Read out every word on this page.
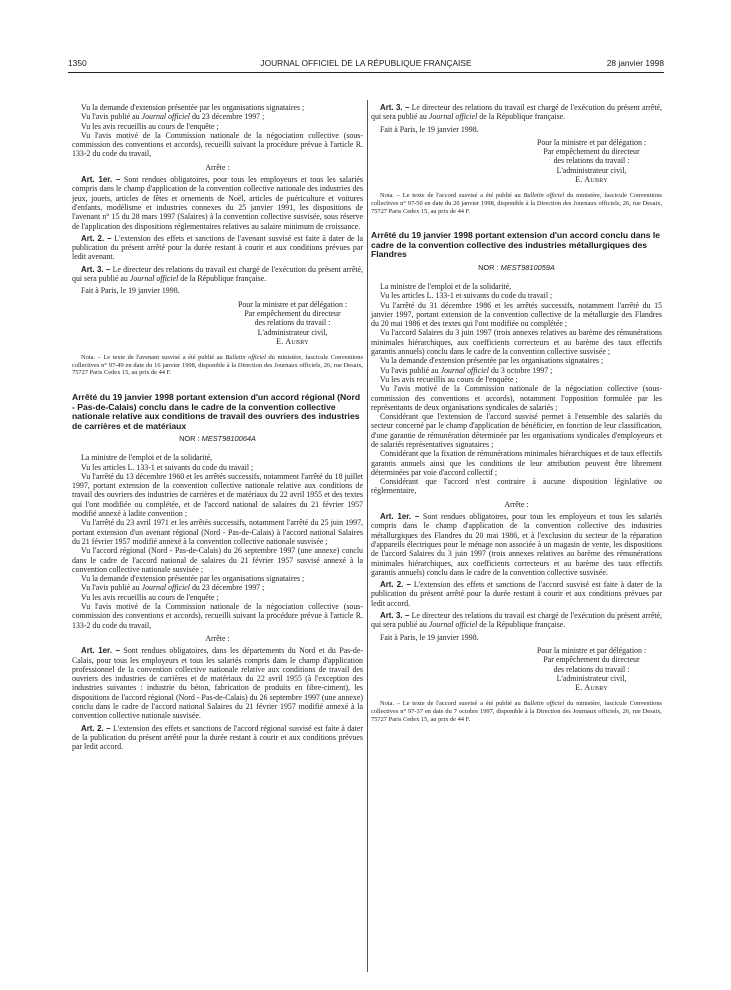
1350	JOURNAL OFFICIEL DE LA RÉPUBLIQUE FRANÇAISE	28 janvier 1998

Vu la demande d'extension présentée par les organisations signataires ;

Vu l'avis publié au Journal officiel du 23 décembre 1997 ;

Vu les avis recueillis au cours de l'enquête ;

Vu l'avis motivé de la Commission nationale de la négociation collective (sous-commission des conventions et accords), recueilli suivant la procédure prévue à l'article R. 133-2 du code du travail,

Arrête :

Art. 1er. – Sont rendues obligatoires, pour tous les employeurs et tous les salariés compris dans le champ d'application de la convention collective nationale des industries des jeux, jouets, articles de fêtes et ornements de Noël, articles de puériculture et voitures d'enfants, modélisme et industries connexes du 25 janvier 1991, les dispositions de l'avenant n° 15 du 28 mars 1997 (Salaires) à la convention collective susvisée, sous réserve de l'application des dispositions réglementaires relatives au salaire minimum de croissance.

Art. 2. – L'extension des effets et sanctions de l'avenant susvisé est faite à dater de la publication du présent arrêté pour la durée restant à courir et aux conditions prévues par ledit avenant.

Art. 3. – Le directeur des relations du travail est chargé de l'exécution du présent arrêté, qui sera publié au Journal officiel de la République française.

Fait à Paris, le 19 janvier 1998.

Pour la ministre et par délégation :

Par empêchement du directeur

des relations du travail :

L'administrateur civil,

E. Aubry

Nota. – Le texte de l'avenant susvisé a été publié au Bulletin officiel du ministère, fascicule Conventions collectives n° 97-49 en date du 16 janvier 1998, disponible à la Direction des Journaux officiels, 26, rue Desaix, 75727 Paris Cedex 15, au prix de 44 F.

Arrêté du 19 janvier 1998 portant extension d'un accord régional (Nord - Pas-de-Calais) conclu dans le cadre de la convention collective nationale relative aux conditions de travail des ouvriers des industries de carrières et de matériaux
NOR : MESТ9810064A

La ministre de l'emploi et de la solidarité,

Vu les articles L. 133-1 et suivants du code du travail ;

Vu l'arrêté du 13 décembre 1960 et les arrêtés successifs, notamment l'arrêté du 18 juillet 1997, portant extension de la convention collective nationale relative aux conditions de travail des ouvriers des industries de carrières et de matériaux du 22 avril 1955 et des textes qui l'ont modifiée ou complétée, et de l'accord national de salaires du 21 février 1957 modifié annexé à ladite convention ;

Vu l'arrêté du 23 avril 1971 et les arrêtés successifs, notamment l'arrêté du 25 juin 1997, portant extension d'un avenant régional (Nord - Pas-de-Calais) à l'accord national Salaires du 21 février 1957 modifié annexé à la convention collective nationale susvisée ;

Vu l'accord régional (Nord - Pas-de-Calais) du 26 septembre 1997 (une annexe) conclu dans le cadre de l'accord national de salaires du 21 février 1957 susvisé annexé à la convention collective nationale susvisée ;

Vu la demande d'extension présentée par les organisations signataires ;

Vu l'avis publié au Journal officiel du 23 décembre 1997 ;

Vu les avis recueillis au cours de l'enquête ;

Vu l'avis motivé de la Commission nationale de la négociation collective (sous-commission des conventions et accords), recueilli suivant la procédure prévue à l'article R. 133-2 du code du travail,

Arrête :

Art. 1er. – Sont rendues obligatoires, dans les départements du Nord et du Pas-de-Calais, pour tous les employeurs et tous les salariés compris dans le champ d'application professionnel de la convention collective nationale relative aux conditions de travail des ouvriers des industries de carrières et de matériaux du 22 avril 1955 (à l'exception des industries suivantes : industrie du béton, fabrication de produits en fibre-ciment), les dispositions de l'accord régional (Nord - Pas-de-Calais) du 26 septembre 1997 (une annexe) conclu dans le cadre de l'accord national Salaires du 21 février 1957 modifié annexé à la convention collective nationale susvisée.

Art. 2. – L'extension des effets et sanctions de l'accord régional susvisé est faite à dater de la publication du présent arrêté pour la durée restant à courir et aux conditions prévues par ledit accord.

Art. 3. – Le directeur des relations du travail est chargé de l'exécution du présent arrêté, qui sera publié au Journal officiel de la République française.

Fait à Paris, le 19 janvier 1998.

Pour la ministre et par délégation :

Par empêchement du directeur

des relations du travail :

L'administrateur civil,

E. Aubry

Nota. – Le texte de l'accord susvisé a été publié au Bulletin officiel du ministère, fascicule Conventions collectives n° 97-50 en date du 20 janvier 1998, disponible à la Direction des Journaux officiels, 26, rue Desaix, 75727 Paris Cedex 15, au prix de 44 F.

Arrêté du 19 janvier 1998 portant extension d'un accord conclu dans le cadre de la convention collective des industries métallurgiques des Flandres
NOR : MEST9810059A

La ministre de l'emploi et de la solidarité,

Vu les articles L. 133-1 et suivants du code du travail ;

Vu l'arrêté du 31 décembre 1986 et les arrêtés successifs, notamment l'arrêté du 15 janvier 1997, portant extension de la convention collective de la métallurgie des Flandres du 20 mai 1986 et des textes qui l'ont modifiée ou complétée ;

Vu l'accord Salaires du 3 juin 1997 (trois annexes relatives au barème des rémunérations minimales hiérarchiques, aux coefficients correcteurs et au barème des taux effectifs garantis annuels) conclu dans le cadre de la convention collective susvisée ;

Vu la demande d'extension présentée par les organisations signataires ;

Vu l'avis publié au Journal officiel du 3 octobre 1997 ;

Vu les avis recueillis au cours de l'enquête ;

Vu l'avis motivé de la Commission nationale de la négociation collective (sous-commission des conventions et accords), notamment l'opposition formulée par les représentants de deux organisations syndicales de salariés ;

Considérant que l'extension de l'accord susvisé permet à l'ensemble des salariés du secteur concerné par le champ d'application de bénéficier, en fonction de leur classification, d'une garantie de rémunération déterminée par les organisations syndicales d'employeurs et de salariés représentatives signataires ;

Considérant que la fixation de rémunérations minimales hiérarchiques et de taux effectifs garantis annuels ainsi que les conditions de leur attribution peuvent être librement déterminées par voie d'accord collectif ;

Considérant que l'accord n'est contraire à aucune disposition législative ou réglementaire,

Arrête :

Art. 1er. – Sont rendues obligatoires, pour tous les employeurs et tous les salariés compris dans le champ d'application de la convention collective des industries métallurgiques des Flandres du 20 mai 1986, et à l'exclusion du secteur de la réparation d'appareils électriques pour le ménage non associée à un magasin de vente, les dispositions de l'accord Salaires du 3 juin 1997 (trois annexes relatives au barème des rémunérations minimales hiérarchiques, aux coefficients correcteurs et au barème des taux effectifs garantis annuels) conclu dans le cadre de la convention collective susvisée.

Art. 2. – L'extension des effets et sanctions de l'accord susvisé est faite à dater de la publication du présent arrêté pour la durée restant à courir et aux conditions prévues par ledit accord.

Art. 3. – Le directeur des relations du travail est chargé de l'exécution du présent arrêté, qui sera publié au Journal officiel de la République française.

Fait à Paris, le 19 janvier 1998.

Pour la ministre et par délégation :

Par empêchement du directeur

des relations du travail :

L'administrateur civil,

E. Aubry

Nota. – Le texte de l'accord susvisé a été publié au Bulletin officiel du ministère, fascicule Conventions collectives n° 97-37 en date du 7 octobre 1997, disponible à la Direction des Journaux officiels, 26, rue Desaix, 75727 Paris Cedex 15, au prix de 44 F.
